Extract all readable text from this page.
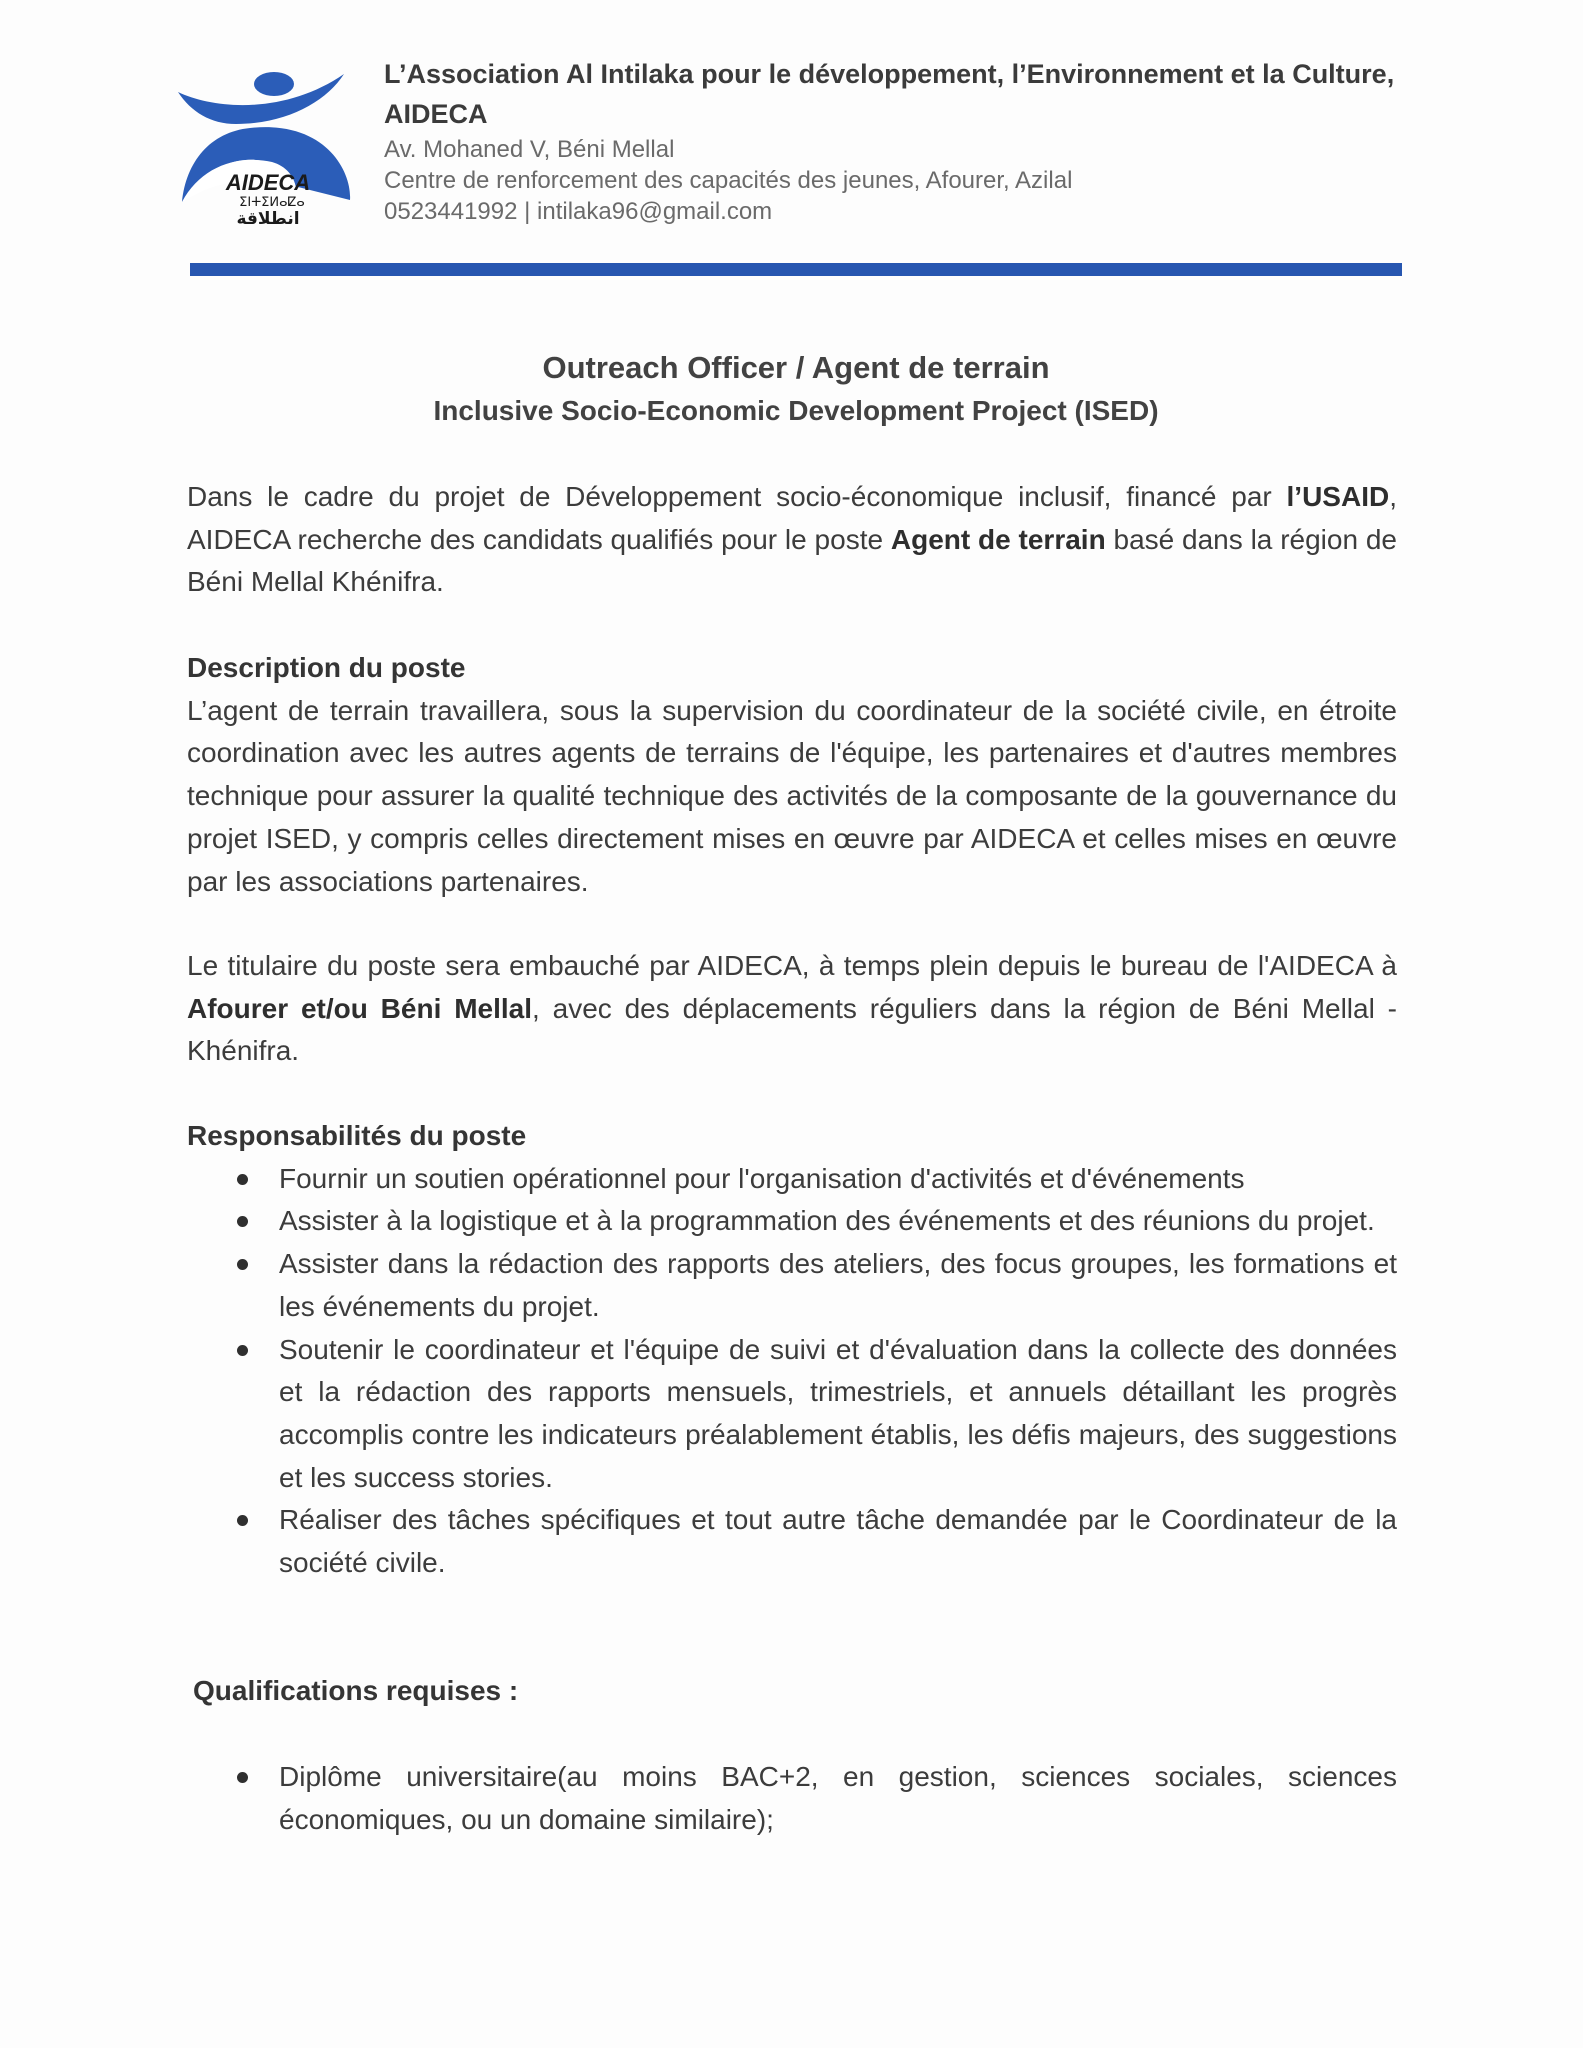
AIDECA
ⵉⵏⵜⵉⵍⴰⵇⴰ
انطلاقة

L’Association Al Intilaka pour le développement, l’Environnement et la Culture,

AIDECA

Av. Mohaned V, Béni Mellal

Centre de renforcement des capacités des jeunes, Afourer, Azilal

0523441992 | intilaka96@gmail.com

Outreach Officer / Agent de terrain

Inclusive Socio-Economic Development Project (ISED)

Dans le cadre du projet de Développement socio-économique inclusif, financé par l’USAID, AIDECA recherche des candidats qualifiés pour le poste Agent de terrain basé dans la région de Béni Mellal Khénifra.

Description du poste

L’agent de terrain travaillera, sous la supervision du coordinateur de la société civile, en étroite coordination avec les autres agents de terrains de l'équipe, les partenaires et d'autres membres technique pour assurer la qualité technique des activités de la composante de la gouvernance du projet ISED, y compris celles directement mises en œuvre par AIDECA et celles mises en œuvre par les associations partenaires.

Le titulaire du poste sera embauché par AIDECA, à temps plein depuis le bureau de l'AIDECA à Afourer et/ou Béni Mellal, avec des déplacements réguliers dans la région de Béni Mellal - Khénifra.

Responsabilités du poste

Fournir un soutien opérationnel pour l'organisation d'activités et d'événements
Assister à la logistique et à la programmation des événements et des réunions du projet.
Assister dans la rédaction des rapports des ateliers, des focus groupes, les formations et les événements du projet.
Soutenir le coordinateur et l'équipe de suivi et d'évaluation dans la collecte des données et la rédaction des rapports mensuels, trimestriels, et annuels détaillant les progrès accomplis contre les indicateurs préalablement établis, les défis majeurs, des suggestions et les success stories.
Réaliser des tâches spécifiques et tout autre tâche demandée par le Coordinateur de la société civile.

Qualifications requises :

Diplôme universitaire(au moins BAC+2, en gestion, sciences sociales, sciences économiques, ou un domaine similaire);
